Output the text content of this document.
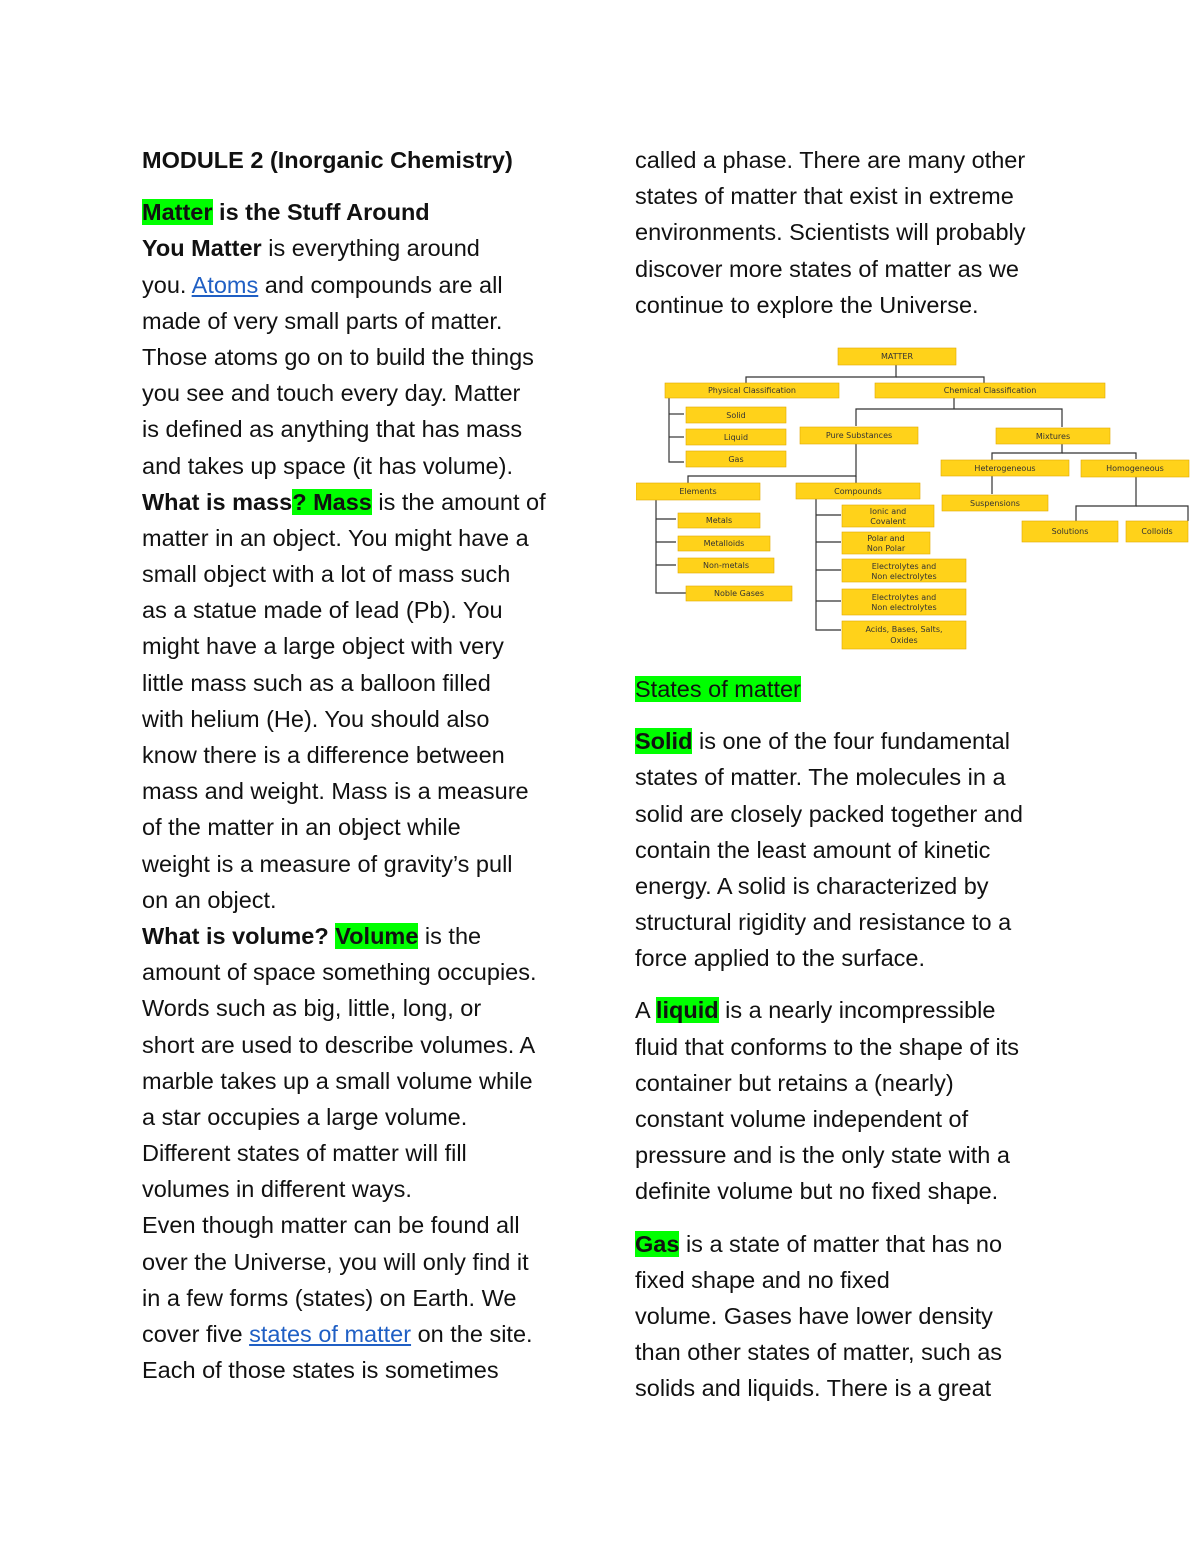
MODULE 2 (Inorganic Chemistry)
Matter is the Stuff Around
You Matter is everything around
you. Atoms and compounds are all
made of very small parts of matter.
Those atoms go on to build the things
you see and touch every day. Matter
is defined as anything that has mass
and takes up space (it has volume).
What is mass? Mass is the amount of
matter in an object. You might have a
small object with a lot of mass such
as a statue made of lead (Pb). You
might have a large object with very
little mass such as a balloon filled
with helium (He). You should also
know there is a difference between
mass and weight. Mass is a measure
of the matter in an object while
weight is a measure of gravity’s pull
on an object.
What is volume? Volume is the
amount of space something occupies.
Words such as big, little, long, or
short are used to describe volumes. A
marble takes up a small volume while
a star occupies a large volume.
Different states of matter will fill
volumes in different ways.
Even though matter can be found all
over the Universe, you will only find it
in a few forms (states) on Earth. We
cover five states of matter on the site.
Each of those states is sometimes
called a phase. There are many other
states of matter that exist in extreme
environments. Scientists will probably
discover more states of matter as we
continue to explore the Universe.
States of matter
Solid is one of the four fundamental
states of matter. The molecules in a
solid are closely packed together and
contain the least amount of kinetic
energy. A solid is characterized by
structural rigidity and resistance to a
force applied to the surface.
A liquid is a nearly incompressible
fluid that conforms to the shape of its
container but retains a (nearly)
constant volume independent of
pressure and is the only state with a
definite volume but no fixed shape.
Gas is a state of matter that has no
fixed shape and no fixed
volume. Gases have lower density
than other states of matter, such as
solids and liquids. There is a great
MATTER
Physical Classification	Chemical Classification
Solid
Liquid
Gas
Pure Substances	Mixtures
Heterogeneous	Homogeneous
Elements	Compounds
Suspensions
Metals
Metalloids
Non-metals
Noble Gases
Ionic and
Covalent
Polar and
Non Polar
Electrolytes and
Non electrolytes
Electrolytes and
Non electrolytes
Acids, Bases, Salts,
Oxides
Solutions	Colloids
